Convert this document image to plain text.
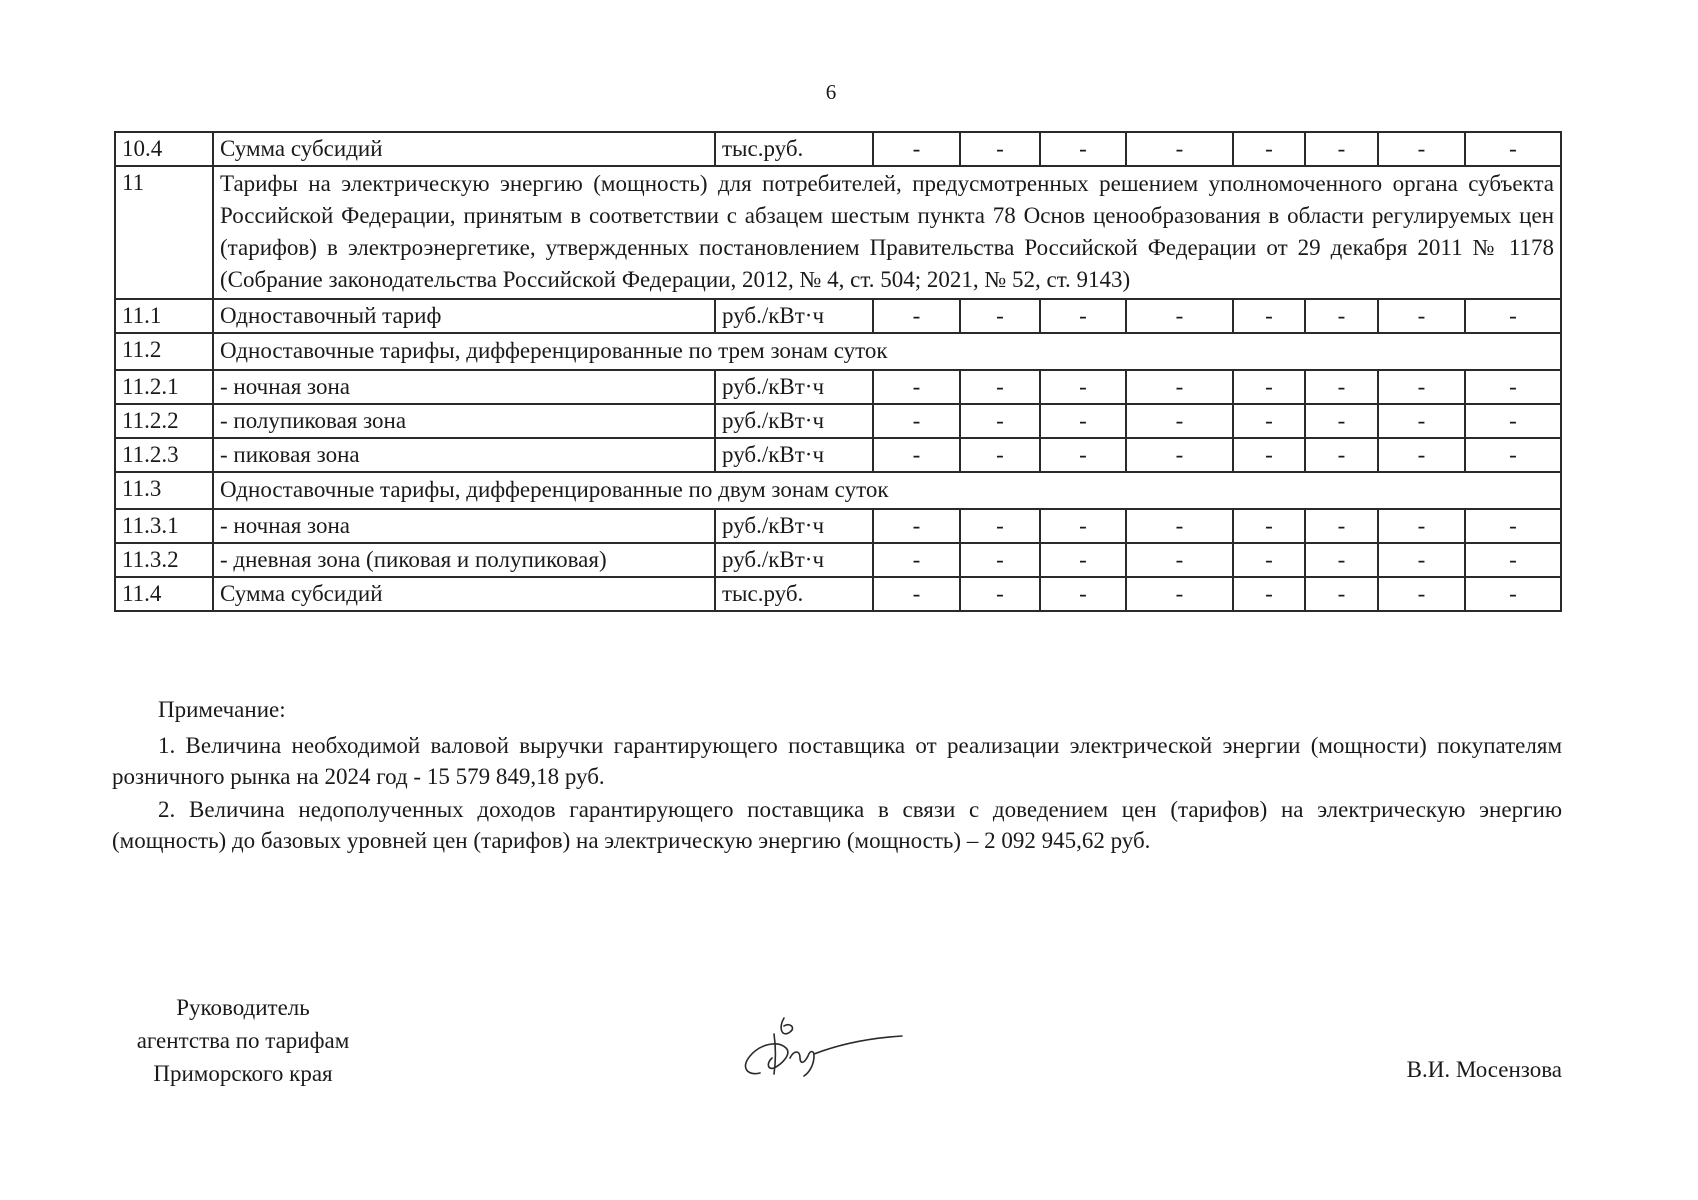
6
10.4	Сумма субсидий	тыс.руб.	-	-	-	-	-	-	-	-
11	Тарифы на электрическую энергию (мощность) для потребителей, предусмотренных решением уполномоченного органа субъекта Российской Федерации, принятым в соответствии с абзацем шестым пункта 78 Основ ценообразования в области регулируемых цен (тарифов) в электроэнергетике, утвержденных постановлением Правительства Российской Федерации от 29 декабря 2011 № 1178 (Собрание законодательства Российской Федерации, 2012, № 4, ст. 504; 2021, № 52, ст. 9143)									
11.1	Одноставочный тариф	руб./кВт·ч	-	-	-	-	-	-	-	-
11.2	Одноставочные тарифы, дифференцированные по трем зонам суток									
11.2.1	- ночная зона	руб./кВт·ч	-	-	-	-	-	-	-	-
11.2.2	- полупиковая зона	руб./кВт·ч	-	-	-	-	-	-	-	-
11.2.3	- пиковая зона	руб./кВт·ч	-	-	-	-	-	-	-	-
11.3	Одноставочные тарифы, дифференцированные по двум зонам суток									
11.3.1	- ночная зона	руб./кВт·ч	-	-	-	-	-	-	-	-
11.3.2	- дневная зона (пиковая и полупиковая)	руб./кВт·ч	-	-	-	-	-	-	-	-
11.4	Сумма субсидий	тыс.руб.	-	-	-	-	-	-	-	-

Примечание:

1. Величина необходимой валовой выручки гарантирующего поставщика от реализации электрической энергии (мощности) покупателям розничного рынка на 2024 год - 15 579 849,18 руб.

2. Величина недополученных доходов гарантирующего поставщика в связи с доведением цен (тарифов) на электрическую энергию (мощность) до базовых уровней цен (тарифов) на электрическую энергию (мощность) – 2 092 945,62 руб.

Руководитель
агентства по тарифам
Приморского края	В.И. Мосензова
